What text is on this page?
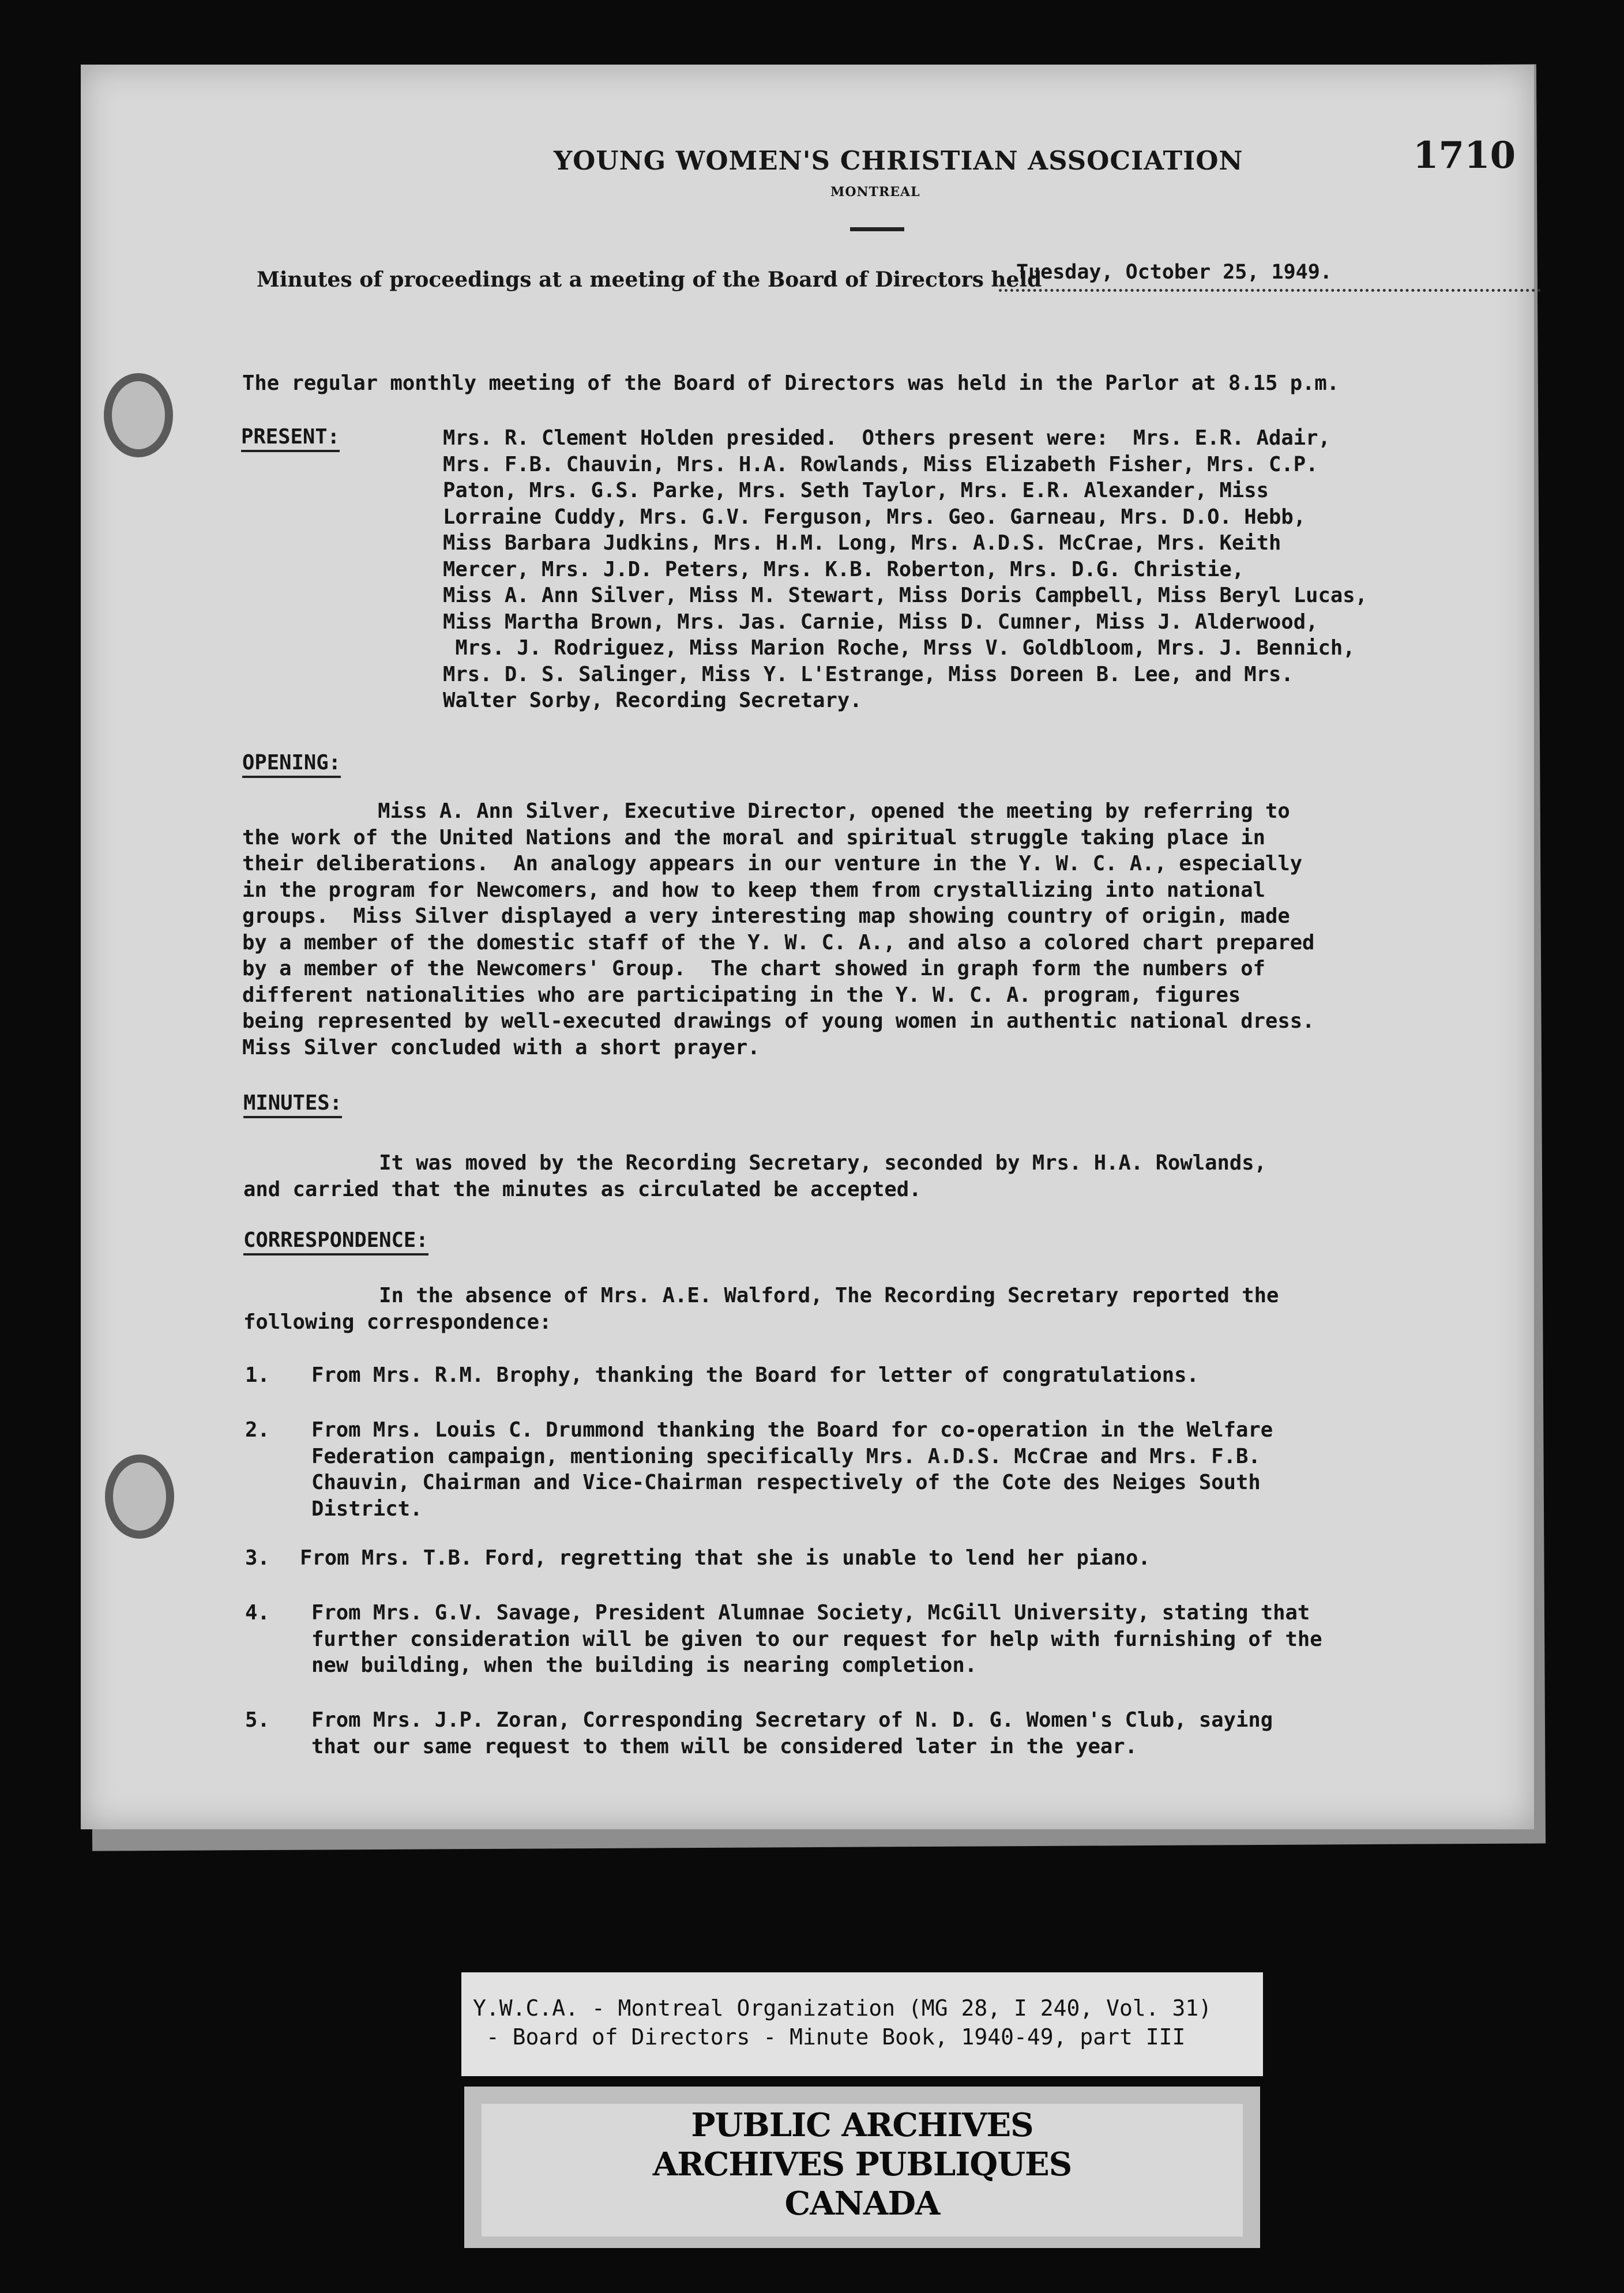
YOUNG WOMEN'S CHRISTIAN ASSOCIATION
MONTREAL
1710
Minutes of proceedings at a meeting of the Board of Directors held
Tuesday, October 25, 1949.
The regular monthly meeting of the Board of Directors was held in the Parlor at 8.15 p.m.
PRESENT:	Mrs. R. Clement Holden presided.  Others present were:  Mrs. E.R. Adair,
Mrs. F.B. Chauvin, Mrs. H.A. Rowlands, Miss Elizabeth Fisher, Mrs. C.P.
Paton, Mrs. G.S. Parke, Mrs. Seth Taylor, Mrs. E.R. Alexander, Miss
Lorraine Cuddy, Mrs. G.V. Ferguson, Mrs. Geo. Garneau, Mrs. D.O. Hebb,
Miss Barbara Judkins, Mrs. H.M. Long, Mrs. A.D.S. McCrae, Mrs. Keith
Mercer, Mrs. J.D. Peters, Mrs. K.B. Roberton, Mrs. D.G. Christie,
Miss A. Ann Silver, Miss M. Stewart, Miss Doris Campbell, Miss Beryl Lucas,
Miss Martha Brown, Mrs. Jas. Carnie, Miss D. Cumner, Miss J. Alderwood,
Mrs. J. Rodriguez, Miss Marion Roche, Mrss V. Goldbloom, Mrs. J. Bennich,
Mrs. D. S. Salinger, Miss Y. L'Estrange, Miss Doreen B. Lee, and Mrs.
Walter Sorby, Recording Secretary.
OPENING:
Miss A. Ann Silver, Executive Director, opened the meeting by referring to
the work of the United Nations and the moral and spiritual struggle taking place in
their deliberations.  An analogy appears in our venture in the Y. W. C. A., especially
in the program for Newcomers, and how to keep them from crystallizing into national
groups.  Miss Silver displayed a very interesting map showing country of origin, made
by a member of the domestic staff of the Y. W. C. A., and also a colored chart prepared
by a member of the Newcomers' Group.  The chart showed in graph form the numbers of
different nationalities who are participating in the Y. W. C. A. program, figures
being represented by well-executed drawings of young women in authentic national dress.
Miss Silver concluded with a short prayer.
MINUTES:
It was moved by the Recording Secretary, seconded by Mrs. H.A. Rowlands,
and carried that the minutes as circulated be accepted.
CORRESPONDENCE:
In the absence of Mrs. A.E. Walford, The Recording Secretary reported the
following correspondence:
1. From Mrs. R.M. Brophy, thanking the Board for letter of congratulations.
2. From Mrs. Louis C. Drummond thanking the Board for co-operation in the Welfare
Federation campaign, mentioning specifically Mrs. A.D.S. McCrae and Mrs. F.B.
Chauvin, Chairman and Vice-Chairman respectively of the Cote des Neiges South
District.
3. From Mrs. T.B. Ford, regretting that she is unable to lend her piano.
4. From Mrs. G.V. Savage, President Alumnae Society, McGill University, stating that
further consideration will be given to our request for help with furnishing of the
new building, when the building is nearing completion.
5. From Mrs. J.P. Zoran, Corresponding Secretary of N. D. G. Women's Club, saying
that our same request to them will be considered later in the year.
Y.W.C.A. - Montreal Organization (MG 28, I 240, Vol. 31)
- Board of Directors - Minute Book, 1940-49, part III
PUBLIC ARCHIVES
ARCHIVES PUBLIQUES
CANADA
